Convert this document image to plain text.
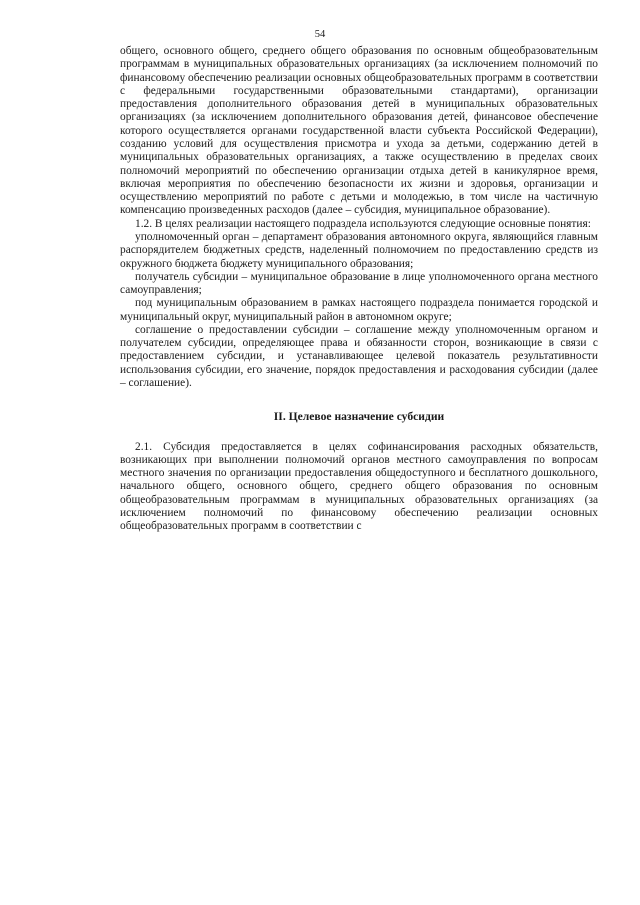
54

общего, основного общего, среднего общего образования по основным общеобразовательным программам в муниципальных образовательных организациях (за исключением полномочий по финансовому обеспечению реализации основных общеобразовательных программ в соответствии с федеральными государственными образовательными стандартами), организации предоставления дополнительного образования детей в муниципальных образовательных организациях (за исключением дополнительного образования детей, финансовое обеспечение которого осуществляется органами государственной власти субъекта Российской Федерации), созданию условий для осуществления присмотра и ухода за детьми, содержанию детей в муниципальных образовательных организациях, а также осуществлению в пределах своих полномочий мероприятий по обеспечению организации отдыха детей в каникулярное время, включая мероприятия по обеспечению безопасности их жизни и здоровья, организации и осуществлению мероприятий по работе с детьми и молодежью, в том числе на частичную компенсацию произведенных расходов (далее – субсидия, муниципальное образование).

1.2. В целях реализации настоящего подраздела используются следующие основные понятия:

уполномоченный орган – департамент образования автономного округа, являющийся главным распорядителем бюджетных средств, наделенный полномочием по предоставлению средств из окружного бюджета бюджету муниципального образования;

получатель субсидии – муниципальное образование в лице уполномоченного органа местного самоуправления;

под муниципальным образованием в рамках настоящего подраздела понимается городской и муниципальный округ, муниципальный район в автономном округе;

соглашение о предоставлении субсидии – соглашение между уполномоченным органом и получателем субсидии, определяющее права и обязанности сторон, возникающие в связи с предоставлением субсидии, и устанавливающее целевой показатель результативности использования субсидии, его значение, порядок предоставления и расходования субсидии (далее – соглашение).

II. Целевое назначение субсидии

2.1. Субсидия предоставляется в целях софинансирования расходных обязательств, возникающих при выполнении полномочий органов местного самоуправления по вопросам местного значения по организации предоставления общедоступного и бесплатного дошкольного, начального общего, основного общего, среднего общего образования по основным общеобразовательным программам в муниципальных образовательных организациях (за исключением полномочий по финансовому обеспечению реализации основных общеобразовательных программ в соответствии с
